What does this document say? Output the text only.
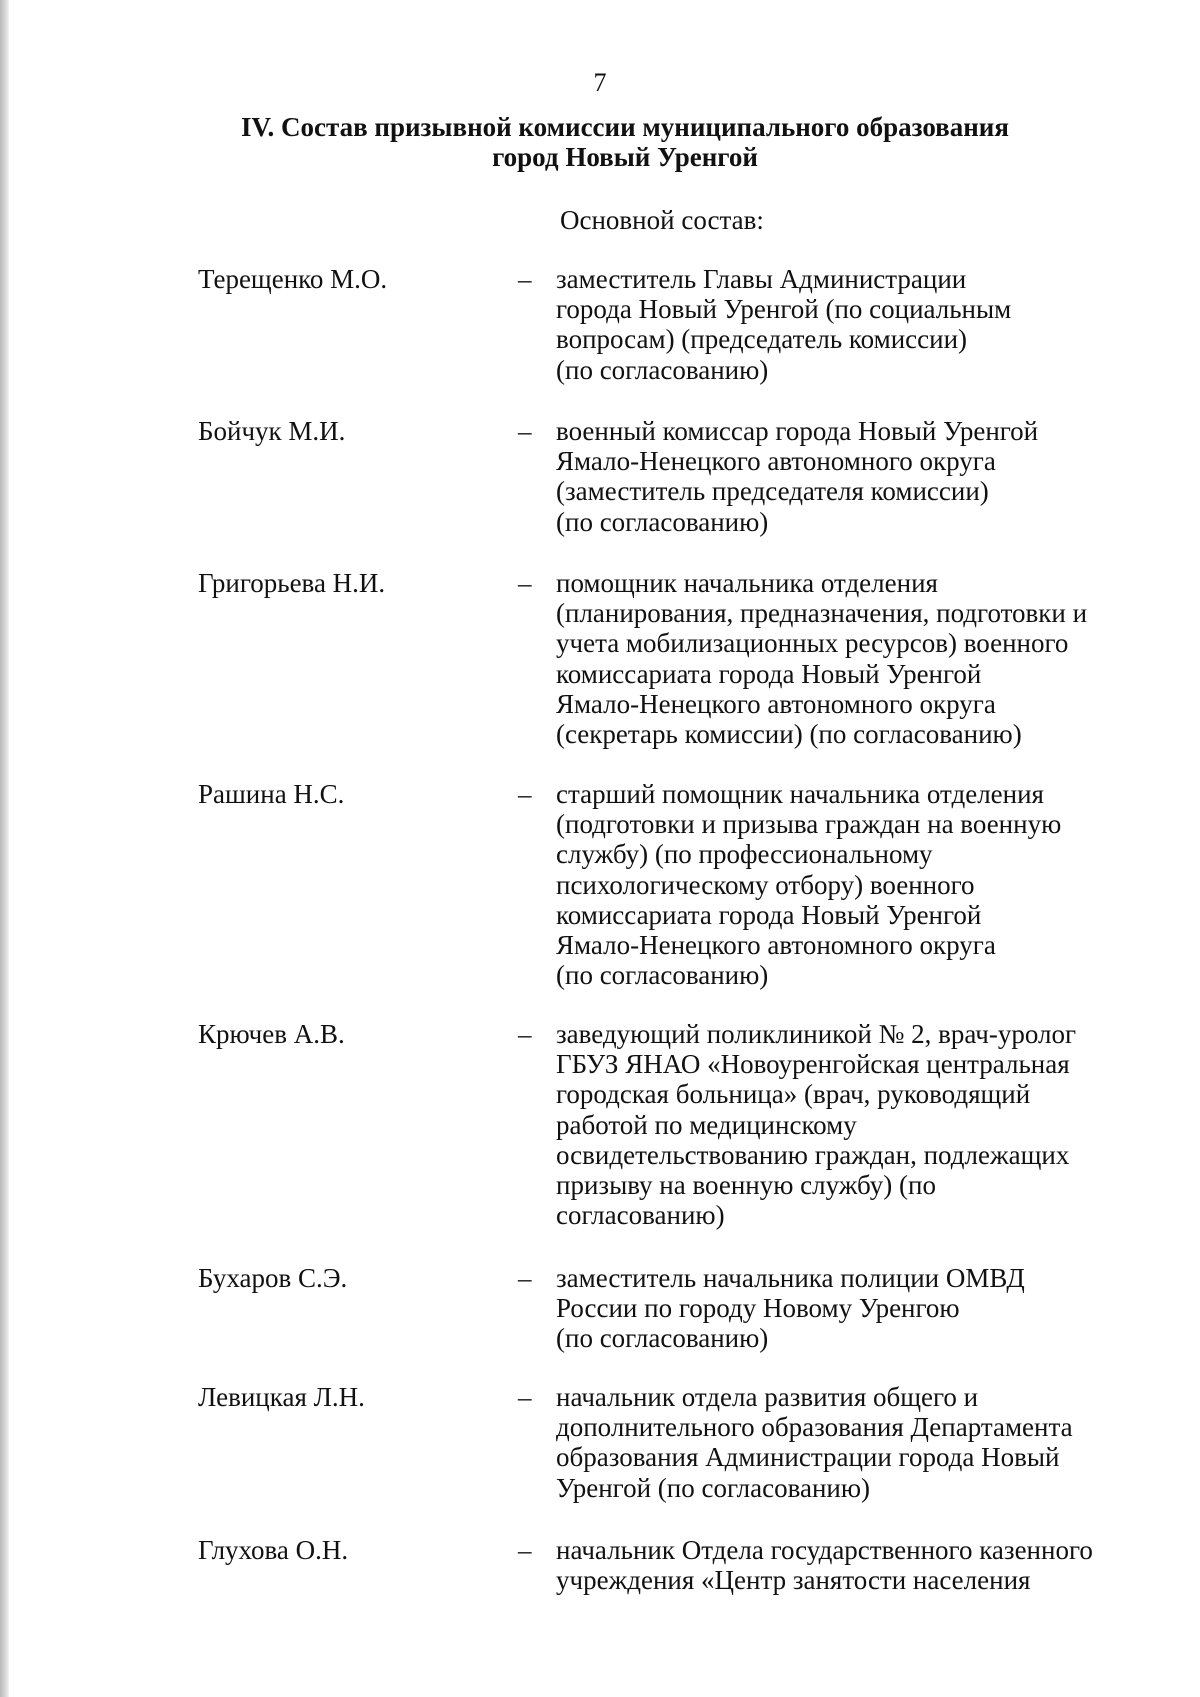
7
IV. Состав призывной комиссии муниципального образования
город Новый Уренгой
Основной состав:
Терещенко М.О.	– заместитель Главы Администрации
города Новый Уренгой (по социальным
вопросам) (председатель комиссии)
(по согласованию)
Бойчук М.И.	– военный комиссар города Новый Уренгой
Ямало-Ненецкого автономного округа
(заместитель председателя комиссии)
(по согласованию)
Григорьева Н.И.	– помощник начальника отделения
(планирования, предназначения, подготовки и
учета мобилизационных ресурсов) военного
комиссариата города Новый Уренгой
Ямало-Ненецкого автономного округа
(секретарь комиссии) (по согласованию)
Рашина Н.С.	– старший помощник начальника отделения
(подготовки и призыва граждан на военную
службу) (по профессиональному
психологическому отбору) военного
комиссариата города Новый Уренгой
Ямало-Ненецкого автономного округа
(по согласованию)
Крючев А.В.	– заведующий поликлиникой № 2, врач-уролог
ГБУЗ ЯНАО «Новоуренгойская центральная
городская больница» (врач, руководящий
работой по медицинскому
освидетельствованию граждан, подлежащих
призыву на военную службу) (по
согласованию)
Бухаров С.Э.	– заместитель начальника полиции ОМВД
России по городу Новому Уренгою
(по согласованию)
Левицкая Л.Н.	– начальник отдела развития общего и
дополнительного образования Департамента
образования Администрации города Новый
Уренгой (по согласованию)
Глухова О.Н.	– начальник Отдела государственного казенного
учреждения «Центр занятости населения
